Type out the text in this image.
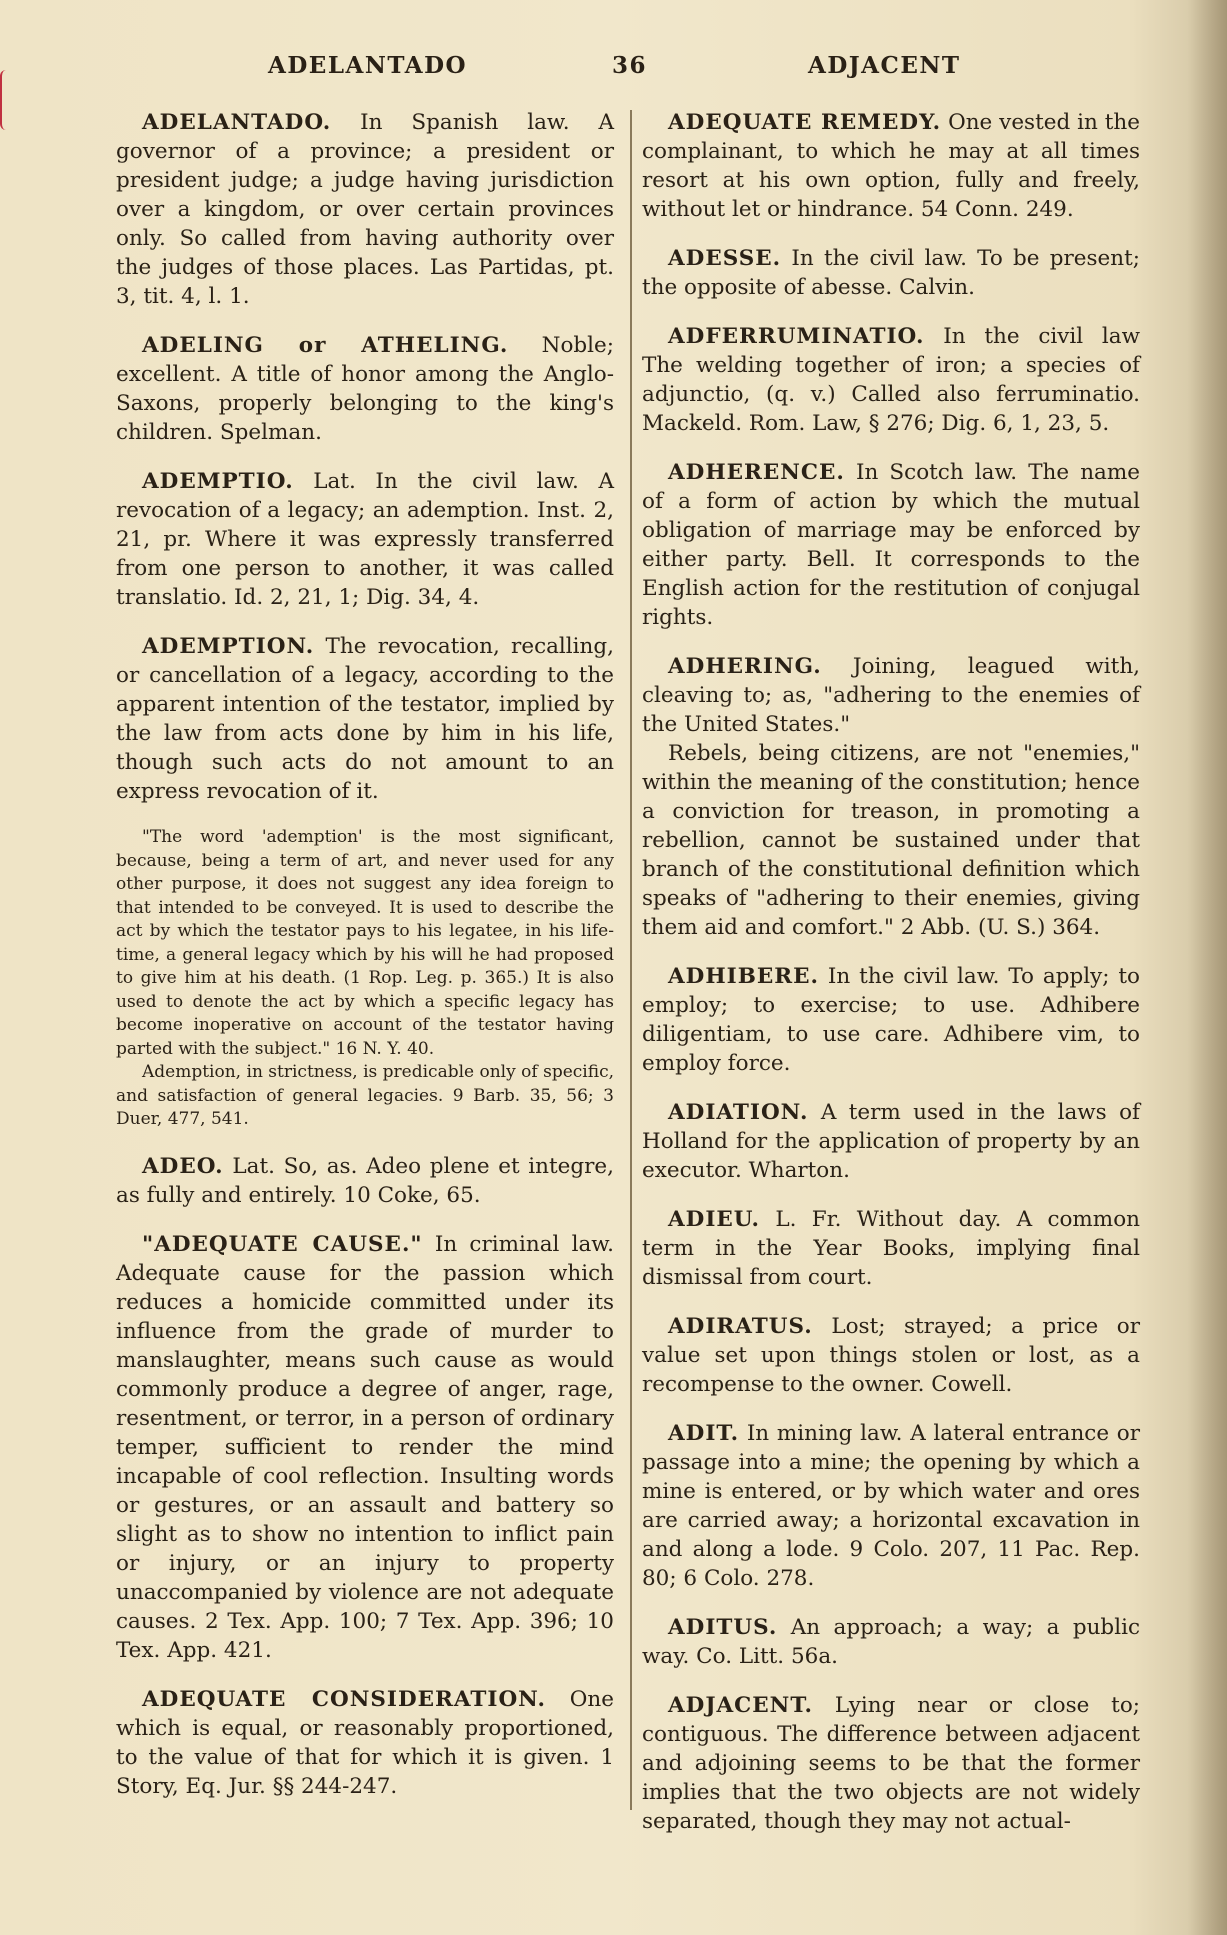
ADELANTADO	36	ADJACENT

ADELANTADO. In Spanish law. A governor of a province; a president or president judge; a judge having jurisdiction over a kingdom, or over certain provinces only. So called from having authority over the judges of those places. Las Partidas, pt. 3, tit. 4, l. 1.

ADELING or ATHELING. Noble; excellent. A title of honor among the Anglo-Saxons, properly belonging to the king's children. Spelman.

ADEMPTIO. Lat. In the civil law. A revocation of a legacy; an ademption. Inst. 2, 21, pr. Where it was expressly transferred from one person to another, it was called translatio. Id. 2, 21, 1; Dig. 34, 4.

ADEMPTION. The revocation, recalling, or cancellation of a legacy, according to the apparent intention of the testator, implied by the law from acts done by him in his life, though such acts do not amount to an express revocation of it.

"The word 'ademption' is the most significant, because, being a term of art, and never used for any other purpose, it does not suggest any idea foreign to that intended to be conveyed. It is used to describe the act by which the testator pays to his legatee, in his life-time, a general legacy which by his will he had proposed to give him at his death. (1 Rop. Leg. p. 365.) It is also used to denote the act by which a specific legacy has become inoperative on account of the testator having parted with the subject." 16 N. Y. 40.

Ademption, in strictness, is predicable only of specific, and satisfaction of general legacies. 9 Barb. 35, 56; 3 Duer, 477, 541.

ADEO. Lat. So, as. Adeo plene et integre, as fully and entirely. 10 Coke, 65.

"ADEQUATE CAUSE." In criminal law. Adequate cause for the passion which reduces a homicide committed under its influence from the grade of murder to manslaughter, means such cause as would commonly produce a degree of anger, rage, resentment, or terror, in a person of ordinary temper, sufficient to render the mind incapable of cool reflection. Insulting words or gestures, or an assault and battery so slight as to show no intention to inflict pain or injury, or an injury to property unaccompanied by violence are not adequate causes. 2 Tex. App. 100; 7 Tex. App. 396; 10 Tex. App. 421.

ADEQUATE CONSIDERATION. One which is equal, or reasonably proportioned, to the value of that for which it is given. 1 Story, Eq. Jur. §§ 244-247.

ADEQUATE REMEDY. One vested in the complainant, to which he may at all times resort at his own option, fully and freely, without let or hindrance. 54 Conn. 249.

ADESSE. In the civil law. To be present; the opposite of abesse. Calvin.

ADFERRUMINATIO. In the civil law The welding together of iron; a species of adjunctio, (q. v.) Called also ferruminatio. Mackeld. Rom. Law, § 276; Dig. 6, 1, 23, 5.

ADHERENCE. In Scotch law. The name of a form of action by which the mutual obligation of marriage may be enforced by either party. Bell. It corresponds to the English action for the restitution of conjugal rights.

ADHERING. Joining, leagued with, cleaving to; as, "adhering to the enemies of the United States."

Rebels, being citizens, are not "enemies," within the meaning of the constitution; hence a conviction for treason, in promoting a rebellion, cannot be sustained under that branch of the constitutional definition which speaks of "adhering to their enemies, giving them aid and comfort." 2 Abb. (U. S.) 364.

ADHIBERE. In the civil law. To apply; to employ; to exercise; to use. Adhibere diligentiam, to use care. Adhibere vim, to employ force.

ADIATION. A term used in the laws of Holland for the application of property by an executor. Wharton.

ADIEU. L. Fr. Without day. A common term in the Year Books, implying final dismissal from court.

ADIRATUS. Lost; strayed; a price or value set upon things stolen or lost, as a recompense to the owner. Cowell.

ADIT. In mining law. A lateral entrance or passage into a mine; the opening by which a mine is entered, or by which water and ores are carried away; a horizontal excavation in and along a lode. 9 Colo. 207, 11 Pac. Rep. 80; 6 Colo. 278.

ADITUS. An approach; a way; a public way. Co. Litt. 56a.

ADJACENT. Lying near or close to; contiguous. The difference between adjacent and adjoining seems to be that the former implies that the two objects are not widely separated, though they may not actual-
